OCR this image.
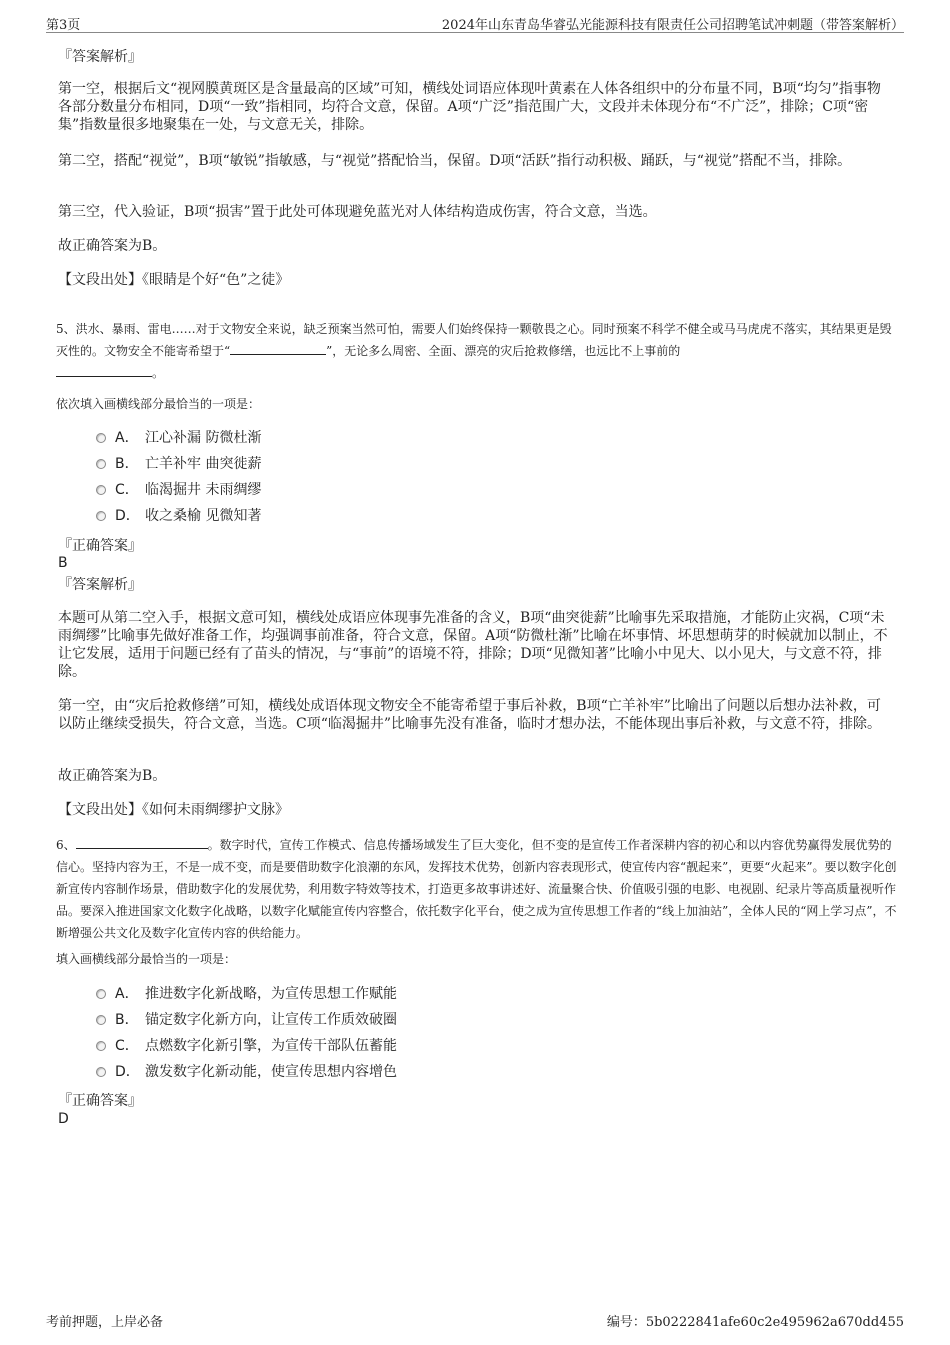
第3页	2024年山东青岛华睿弘光能源科技有限责任公司招聘笔试冲刺题（带答案解析）
『答案解析』

第一空，根据后文“视网膜黄斑区是含量最高的区域”可知，横线处词语应体现叶黄素在人体各组织中的分布量不同，B项“均匀”指事物各部分数量分布相同，D项“一致”指相同，均符合文意，保留。A项“广泛”指范围广大，文段并未体现分布“不广泛”，排除；C项“密集”指数量很多地聚集在一处，与文意无关，排除。

第二空，搭配“视觉”，B项“敏锐”指敏感，与“视觉”搭配恰当，保留。D项“活跃”指行动积极、踊跃，与“视觉”搭配不当，排除。

第三空，代入验证，B项“损害”置于此处可体现避免蓝光对人体结构造成伤害，符合文意，当选。

故正确答案为B。

【文段出处】《眼睛是个好“色”之徒》

5、洪水、暴雨、雷电……对于文物安全来说，缺乏预案当然可怕，需要人们始终保持一颗敬畏之心。同时预案不科学不健全或马马虎虎不落实，其结果更是毁灭性的。文物安全不能寄希望于“	”，无论多么周密、全面、漂亮的灾后抢救修缮，也远比不上事前的
。

依次填入画横线部分最恰当的一项是：

A． 江心补漏 防微杜渐
B． 亡羊补牢 曲突徙薪
C． 临渴掘井 未雨绸缪
D． 收之桑榆 见微知著
『正确答案』
B
『答案解析』

本题可从第二空入手，根据文意可知，横线处成语应体现事先准备的含义，B项“曲突徙薪”比喻事先采取措施，才能防止灾祸，C项“未雨绸缪”比喻事先做好准备工作，均强调事前准备，符合文意，保留。A项“防微杜渐”比喻在坏事情、坏思想萌芽的时候就加以制止，不让它发展，适用于问题已经有了苗头的情况，与“事前”的语境不符，排除；D项“见微知著”比喻小中见大、以小见大，与文意不符，排除。

第一空，由“灾后抢救修缮”可知，横线处成语体现文物安全不能寄希望于事后补救，B项“亡羊补牢”比喻出了问题以后想办法补救，可以防止继续受损失，符合文意，当选。C项“临渴掘井”比喻事先没有准备，临时才想办法，不能体现出事后补救，与文意不符，排除。

故正确答案为B。

【文段出处】《如何未雨绸缪护文脉》

6、	。数字时代，宣传工作模式、信息传播场域发生了巨大变化，但不变的是宣传工作者深耕内容的初心和以内容优势赢得发展优势的信心。坚持内容为王，不是一成不变，而是要借助数字化浪潮的东风，发挥技术优势，创新内容表现形式，使宣传内容“靓起来”，更要“火起来”。要以数字化创新宣传内容制作场景，借助数字化的发展优势，利用数字特效等技术，打造更多故事讲述好、流量聚合快、价值吸引强的电影、电视剧、纪录片等高质量视听作品。要深入推进国家文化数字化战略，以数字化赋能宣传内容整合，依托数字化平台，使之成为宣传思想工作者的“线上加油站”，全体人民的“网上学习点”，不断增强公共文化及数字化宣传内容的供给能力。

填入画横线部分最恰当的一项是：

A． 推进数字化新战略，为宣传思想工作赋能
B． 锚定数字化新方向，让宣传工作质效破圈
C． 点燃数字化新引擎，为宣传干部队伍蓄能
D． 激发数字化新动能，使宣传思想内容增色
『正确答案』
D
考前押题，上岸必备	编号：5b0222841afe60c2e495962a670dd455
